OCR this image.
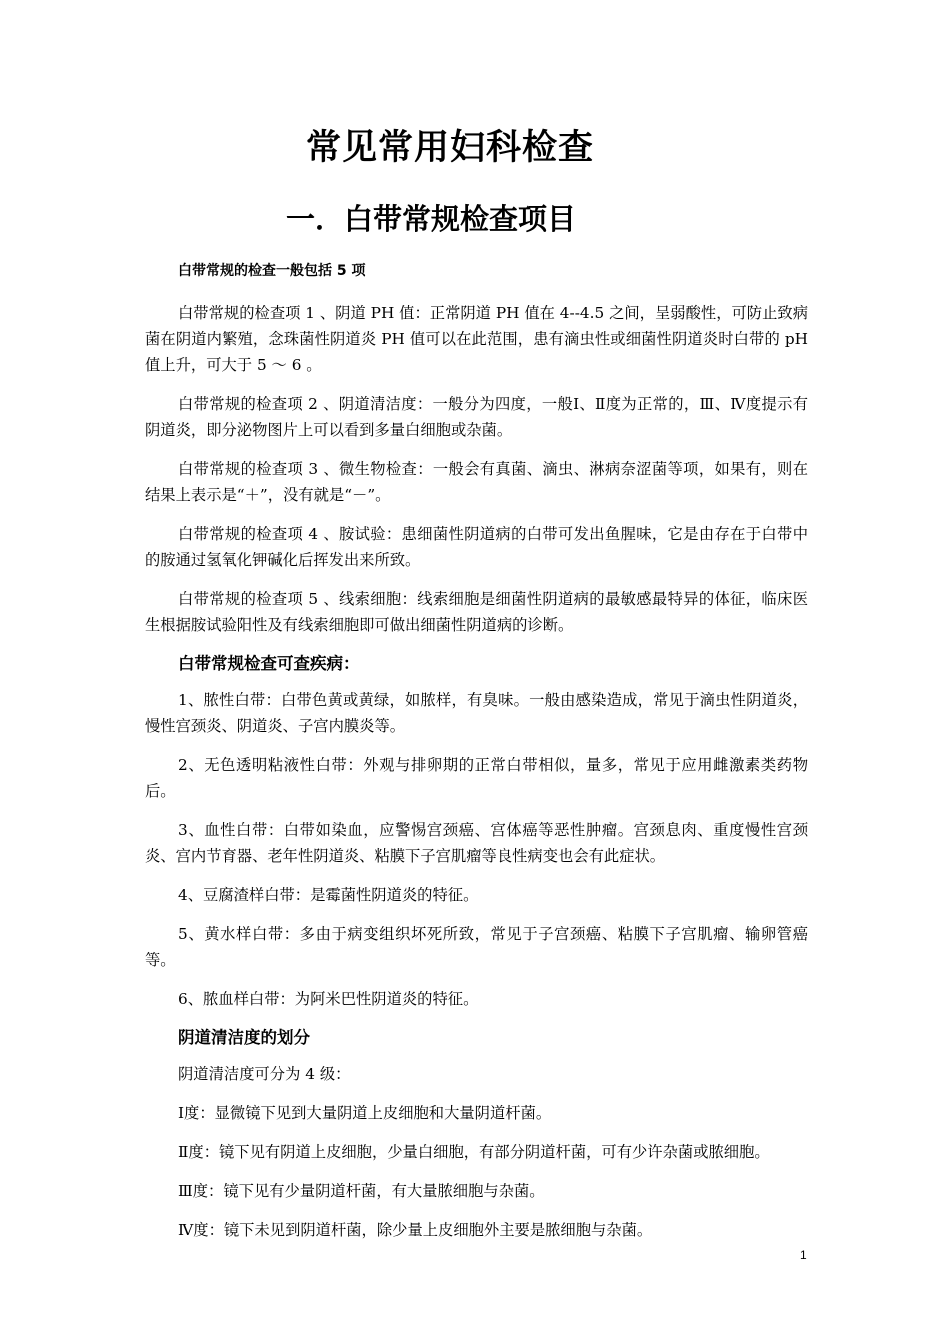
常见常用妇科检查
一．白带常规检查项目

白带常规的检查一般包括 5 项

白带常规的检查项 1 、阴道 PH 值：正常阴道 PH 值在 4--4.5 之间，呈弱酸性，可防止致病菌在阴道内繁殖，念珠菌性阴道炎 PH 值可以在此范围，患有滴虫性或细菌性阴道炎时白带的 pH 值上升，可大于 5 ～ 6 。

白带常规的检查项 2 、阴道清洁度：一般分为四度，一般Ⅰ、Ⅱ度为正常的，Ⅲ、Ⅳ度提示有阴道炎，即分泌物图片上可以看到多量白细胞或杂菌。

白带常规的检查项 3 、微生物检查：一般会有真菌、滴虫、淋病奈涩菌等项，如果有，则在结果上表示是“＋”，没有就是“－”。

白带常规的检查项 4 、胺试验：患细菌性阴道病的白带可发出鱼腥味，它是由存在于白带中的胺通过氢氧化钾碱化后挥发出来所致。

白带常规的检查项 5 、线索细胞：线索细胞是细菌性阴道病的最敏感最特异的体征，临床医生根据胺试验阳性及有线索细胞即可做出细菌性阴道病的诊断。

白带常规检查可查疾病：

1、脓性白带：白带色黄或黄绿，如脓样，有臭味。一般由感染造成，常见于滴虫性阴道炎，慢性宫颈炎、阴道炎、子宫内膜炎等。

2、无色透明粘液性白带：外观与排卵期的正常白带相似，量多，常见于应用雌激素类药物后。

3、血性白带：白带如染血，应警惕宫颈癌、宫体癌等恶性肿瘤。宫颈息肉、重度慢性宫颈炎、宫内节育器、老年性阴道炎、粘膜下子宫肌瘤等良性病变也会有此症状。

4、豆腐渣样白带：是霉菌性阴道炎的特征。

5、黄水样白带：多由于病变组织坏死所致，常见于子宫颈癌、粘膜下子宫肌瘤、输卵管癌等。

6、脓血样白带：为阿米巴性阴道炎的特征。

阴道清洁度的划分

阴道清洁度可分为 4 级：

Ⅰ度：显微镜下见到大量阴道上皮细胞和大量阴道杆菌。

Ⅱ度：镜下见有阴道上皮细胞，少量白细胞，有部分阴道杆菌，可有少许杂菌或脓细胞。

Ⅲ度：镜下见有少量阴道杆菌，有大量脓细胞与杂菌。

Ⅳ度：镜下未见到阴道杆菌，除少量上皮细胞外主要是脓细胞与杂菌。

1
